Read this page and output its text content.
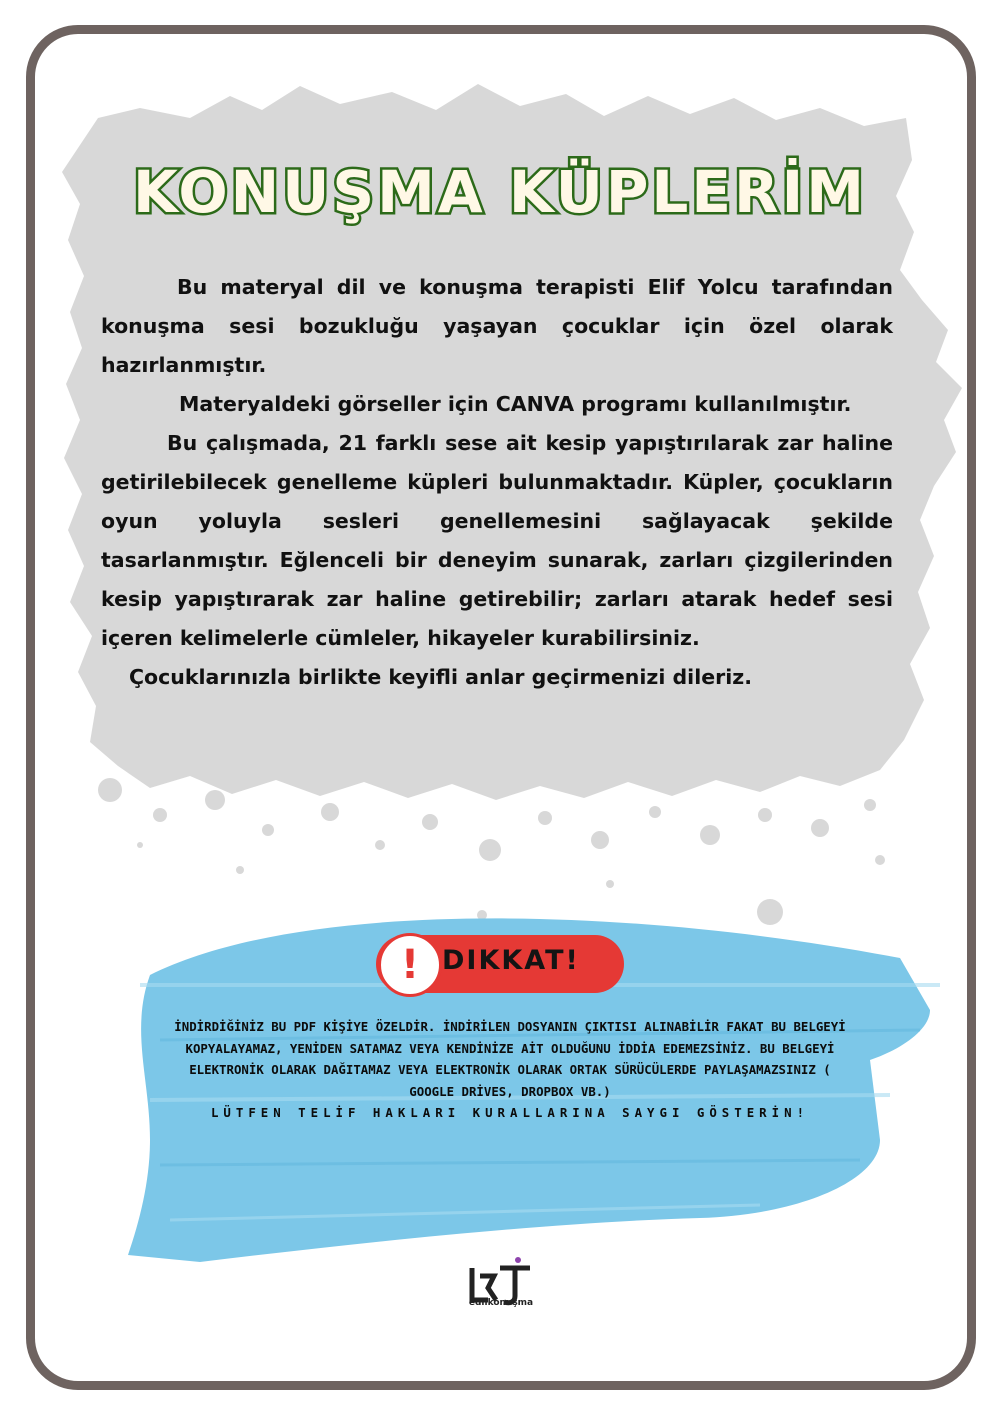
KONUŞMA KÜPLERİM

Bu materyal dil ve konuşma terapisti Elif Yolcu tarafından konuşma sesi bozukluğu yaşayan çocuklar için özel olarak hazırlanmıştır.

Materyaldeki görseller için CANVA programı kullanılmıştır.

Bu çalışmada, 21 farklı sese ait kesip yapıştırılarak zar haline getirilebilecek genelleme küpleri bulunmaktadır. Küpler, çocukların oyun yoluyla sesleri genellemesini sağlayacak şekilde tasarlanmıştır. Eğlenceli bir deneyim sunarak, zarları çizgilerinden kesip yapıştırarak zar haline getirebilir; zarları atarak hedef sesi içeren kelimelerle cümleler, hikayeler kurabilirsiniz.

Çocuklarınızla birlikte keyifli anlar geçirmenizi dileriz.

! DIKKAT!

İNDİRDİĞİNİZ BU PDF KİŞİYE ÖZELDİR. İNDİRİLEN DOSYANIN ÇIKTISI ALINABİLİR FAKAT BU BELGEYİ KOPYALAYAMAZ, YENİDEN SATAMAZ VEYA KENDİNİZE AİT OLDUĞUNU İDDİA EDEMEZSİNİZ. BU BELGEYİ ELEKTRONİK OLARAK DAĞITAMAZ VEYA ELEKTRONİK OLARAK ORTAK SÜRÜCÜLERDE PAYLAŞAMAZSINIZ ( GOOGLE DRİVES, DROPBOX VB.)

LÜTFEN TELİF HAKLARI KURALLARINA SAYGI GÖSTERİN!

edilkonuşma
